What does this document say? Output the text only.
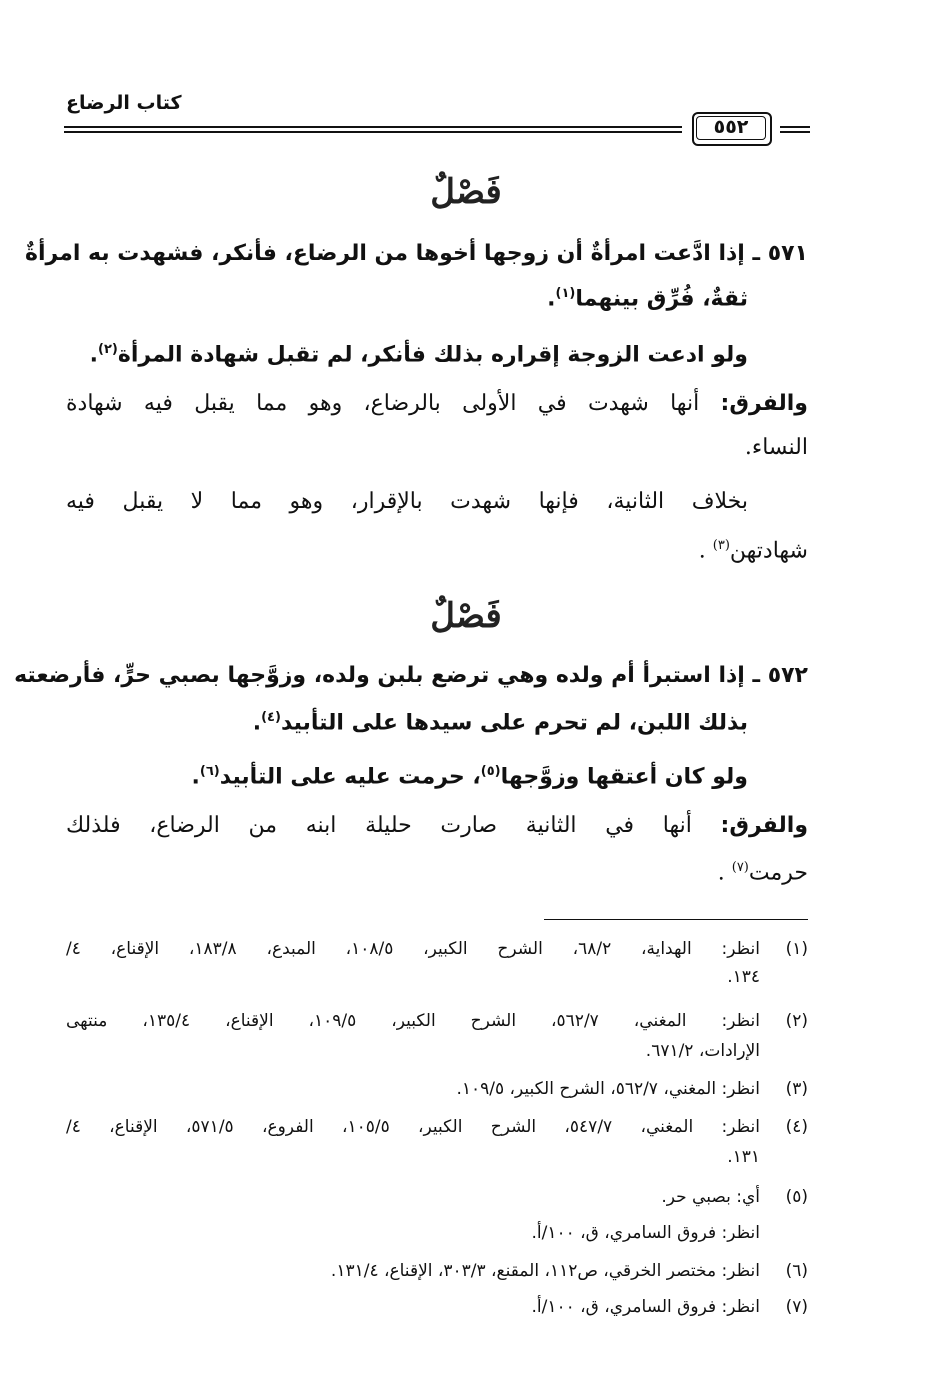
كتاب الرضاع
٥٥٢
فَصْلٌ
٥٧١ ـ إذا ادَّعت امرأةٌ أن زوجها أخوها من الرضاع، فأنكر، فشهدت به امرأةٌ
ثقةٌ، فُرِّق بينهما$^{(١)}$.
ولو ادعت الزوجة إقراره بذلك فأنكر، لم تقبل شهادة المرأة$^{(٢)}$.
والفرق: أنها شهدت في الأولى بالرضاع، وهو مما يقبل فيه شهادة
النساء.
بخلاف الثانية، فإنها شهدت بالإقرار، وهو مما لا يقبل فيه
شهادتهن$^{(٣)}$ .
فَصْلٌ
٥٧٢ ـ إذا استبرأ أم ولده وهي ترضع بلبن ولده، وزوَّجها بصبي حرٍّ، فأرضعته
بذلك اللبن، لم تحرم على سيدها على التأبيد$^{(٤)}$.
ولو كان أعتقها وزوَّجها$^{(٥)}$، حرمت عليه على التأبيد$^{(٦)}$.
والفرق: أنها في الثانية صارت حليلة ابنه من الرضاع، فلذلك
حرمت$^{(٧)}$ .
(١)
انظر: الهداية، ٦٨/٢، الشرح الكبير، ١٠٨/٥، المبدع، ١٨٣/٨، الإقناع، ٤/
١٣٤.
(٢)
انظر: المغني، ٥٦٢/٧، الشرح الكبير، ١٠٩/٥، الإقناع، ١٣٥/٤، منتهى
الإرادات، ٦٧١/٢.
(٣)
انظر: المغني، ٥٦٢/٧، الشرح الكبير، ١٠٩/٥.
(٤)
انظر: المغني، ٥٤٧/٧، الشرح الكبير، ١٠٥/٥، الفروع، ٥٧١/٥، الإقناع، ٤/
١٣١.
(٥)
أي: بصبي حر.
انظر: فروق السامري، ق، ١٠٠/أ.
(٦)
انظر: مختصر الخرقي، ص١١٢، المقنع، ٣٠٣/٣، الإقناع، ١٣١/٤.
(٧)
انظر: فروق السامري، ق، ١٠٠/أ.
